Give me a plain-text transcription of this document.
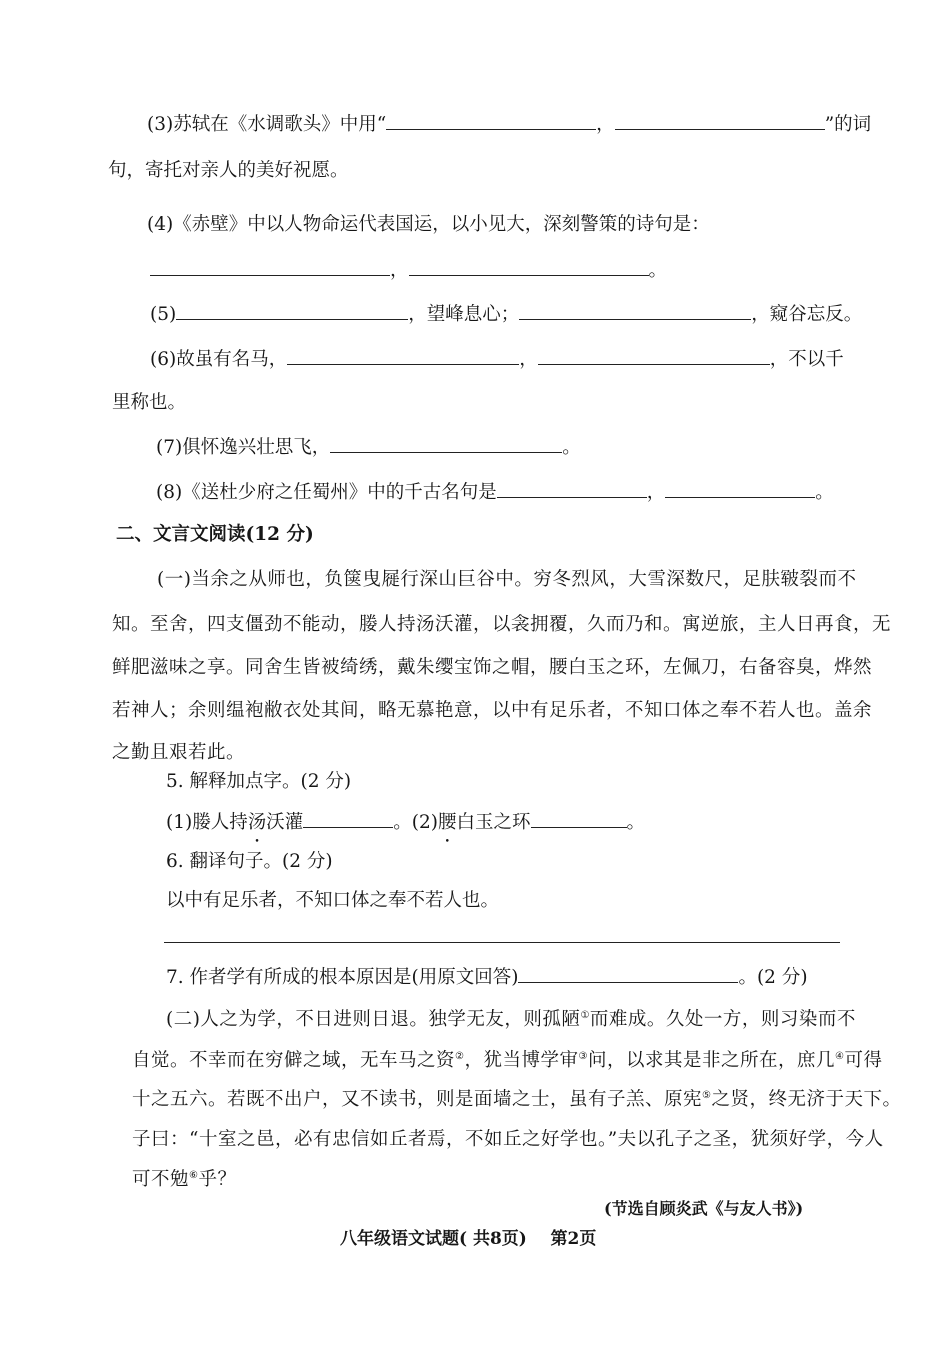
(3)苏轼在《水调歌头》中用“	，	”的词
句，寄托对亲人的美好祝愿。
(4)《赤壁》中以人物命运代表国运，以小见大，深刻警策的诗句是：
，	。
(5)	，望峰息心；	，窥谷忘反。
(6)故虽有名马，	，	，不以千
里称也。
(7)俱怀逸兴壮思飞，	。
(8)《送杜少府之任蜀州》中的千古名句是	，	。
二、文言文阅读(12 分)
(一)当余之从师也，负箧曳屣行深山巨谷中。穷冬烈风，大雪深数尺，足肤皲裂而不
知。至舍，四支僵劲不能动，媵人持汤沃灌，以衾拥覆，久而乃和。寓逆旅，主人日再食，无
鲜肥滋味之享。同舍生皆被绮绣，戴朱缨宝饰之帽，腰白玉之环，左佩刀，右备容臭，烨然
若神人；余则缊袍敝衣处其间，略无慕艳意，以中有足乐者，不知口体之奉不若人也。盖余
之勤且艰若此。
5. 解释加点字。(2 分)
(1)媵人持汤沃灌	。(2)腰白玉之环	。
6. 翻译句子。(2 分)
以中有足乐者，不知口体之奉不若人也。
7. 作者学有所成的根本原因是(用原文回答)	。(2 分)
(二)人之为学，不日进则日退。独学无友，则孤陋①而难成。久处一方，则习染而不
自觉。不幸而在穷僻之域，无车马之资②，犹当博学审③问，以求其是非之所在，庶几④可得
十之五六。若既不出户，又不读书，则是面墙之士，虽有子羔、原宪⑤之贤，终无济于天下。
子曰：“十室之邑，必有忠信如丘者焉，不如丘之好学也。”夫以孔子之圣，犹须好学，今人
可不勉⑥乎？
(节选自顾炎武《与友人书》)
八年级语文试题( 共8页)    第2页
